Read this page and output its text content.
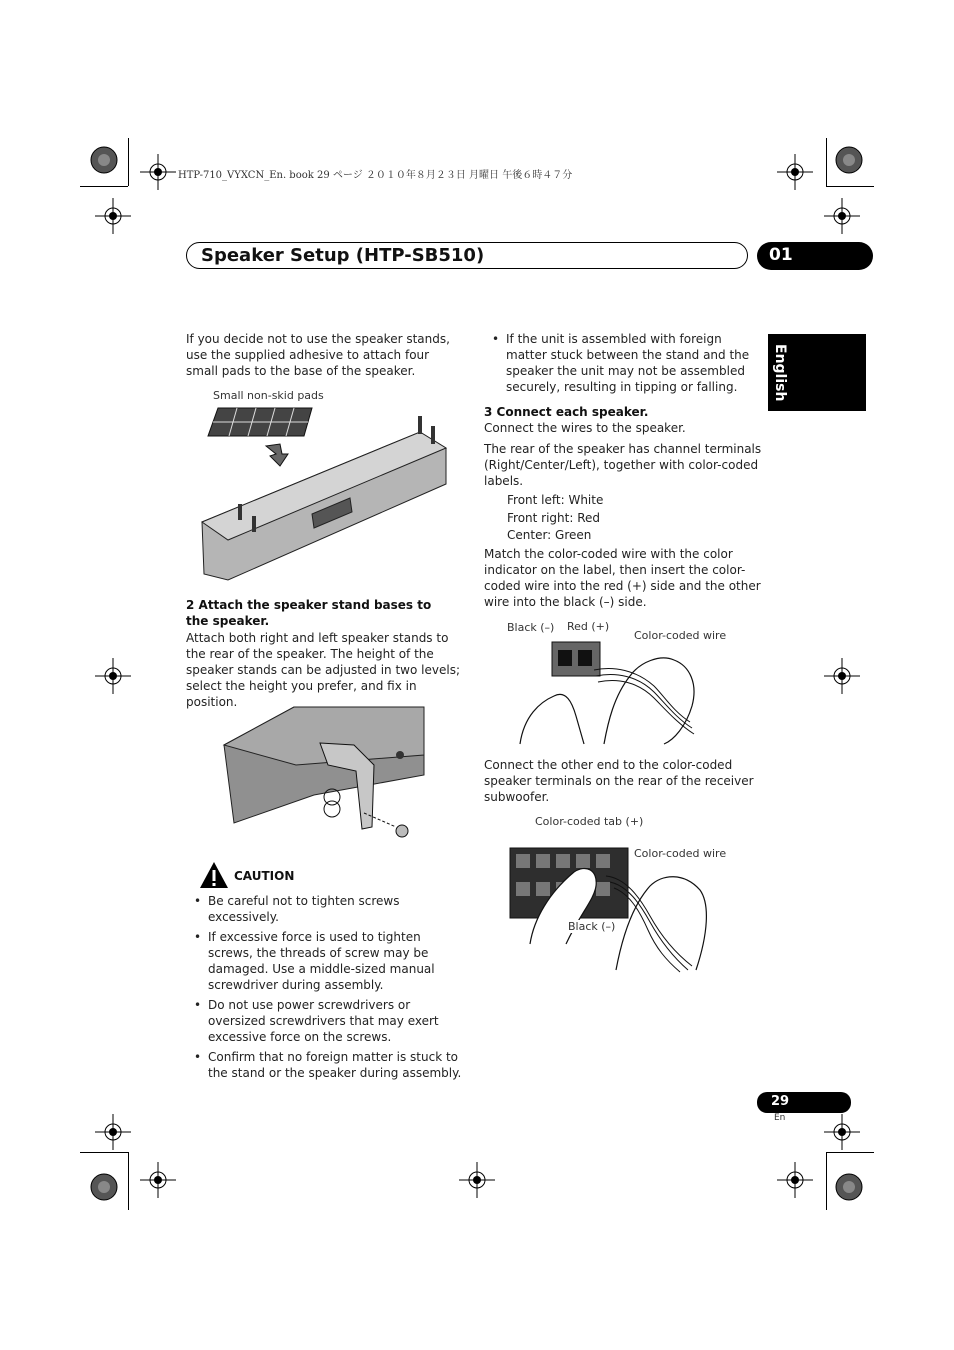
HTP-710_VYXCN_En. book 29 ページ ２０１０年８月２３日 月曜日 午後６時４７分
Speaker Setup (HTP-SB510)	01
English
If you decide not to use the speaker stands, use the supplied adhesive to attach four small pads to the base of the speaker.
Small non-skid pads
2 Attach the speaker stand bases to the speaker.
Attach both right and left speaker stands to the rear of the speaker. The height of the speaker stands can be adjusted in two levels; select the height you prefer, and fix in position.
CAUTION
• Be careful not to tighten screws excessively.
• If excessive force is used to tighten screws, the threads of screw may be damaged. Use a middle-sized manual screwdriver during assembly.
• Do not use power screwdrivers or oversized screwdrivers that may exert excessive force on the screws.
• Confirm that no foreign matter is stuck to the stand or the speaker during assembly.
• If the unit is assembled with foreign matter stuck between the stand and the speaker the unit may not be assembled securely, resulting in tipping or falling.
3 Connect each speaker.
Connect the wires to the speaker.
The rear of the speaker has channel terminals (Right/Center/Left), together with color-coded labels.
Front left: White
Front right: Red
Center: Green
Match the color-coded wire with the color indicator on the label, then insert the color-coded wire into the red (+) side and the other wire into the black (–) side.
Black (–) Red (+)
Color-coded wire
Connect the other end to the color-coded speaker terminals on the rear of the receiver subwoofer.
Color-coded tab (+)
Color-coded wire
Black (–)
29
En
